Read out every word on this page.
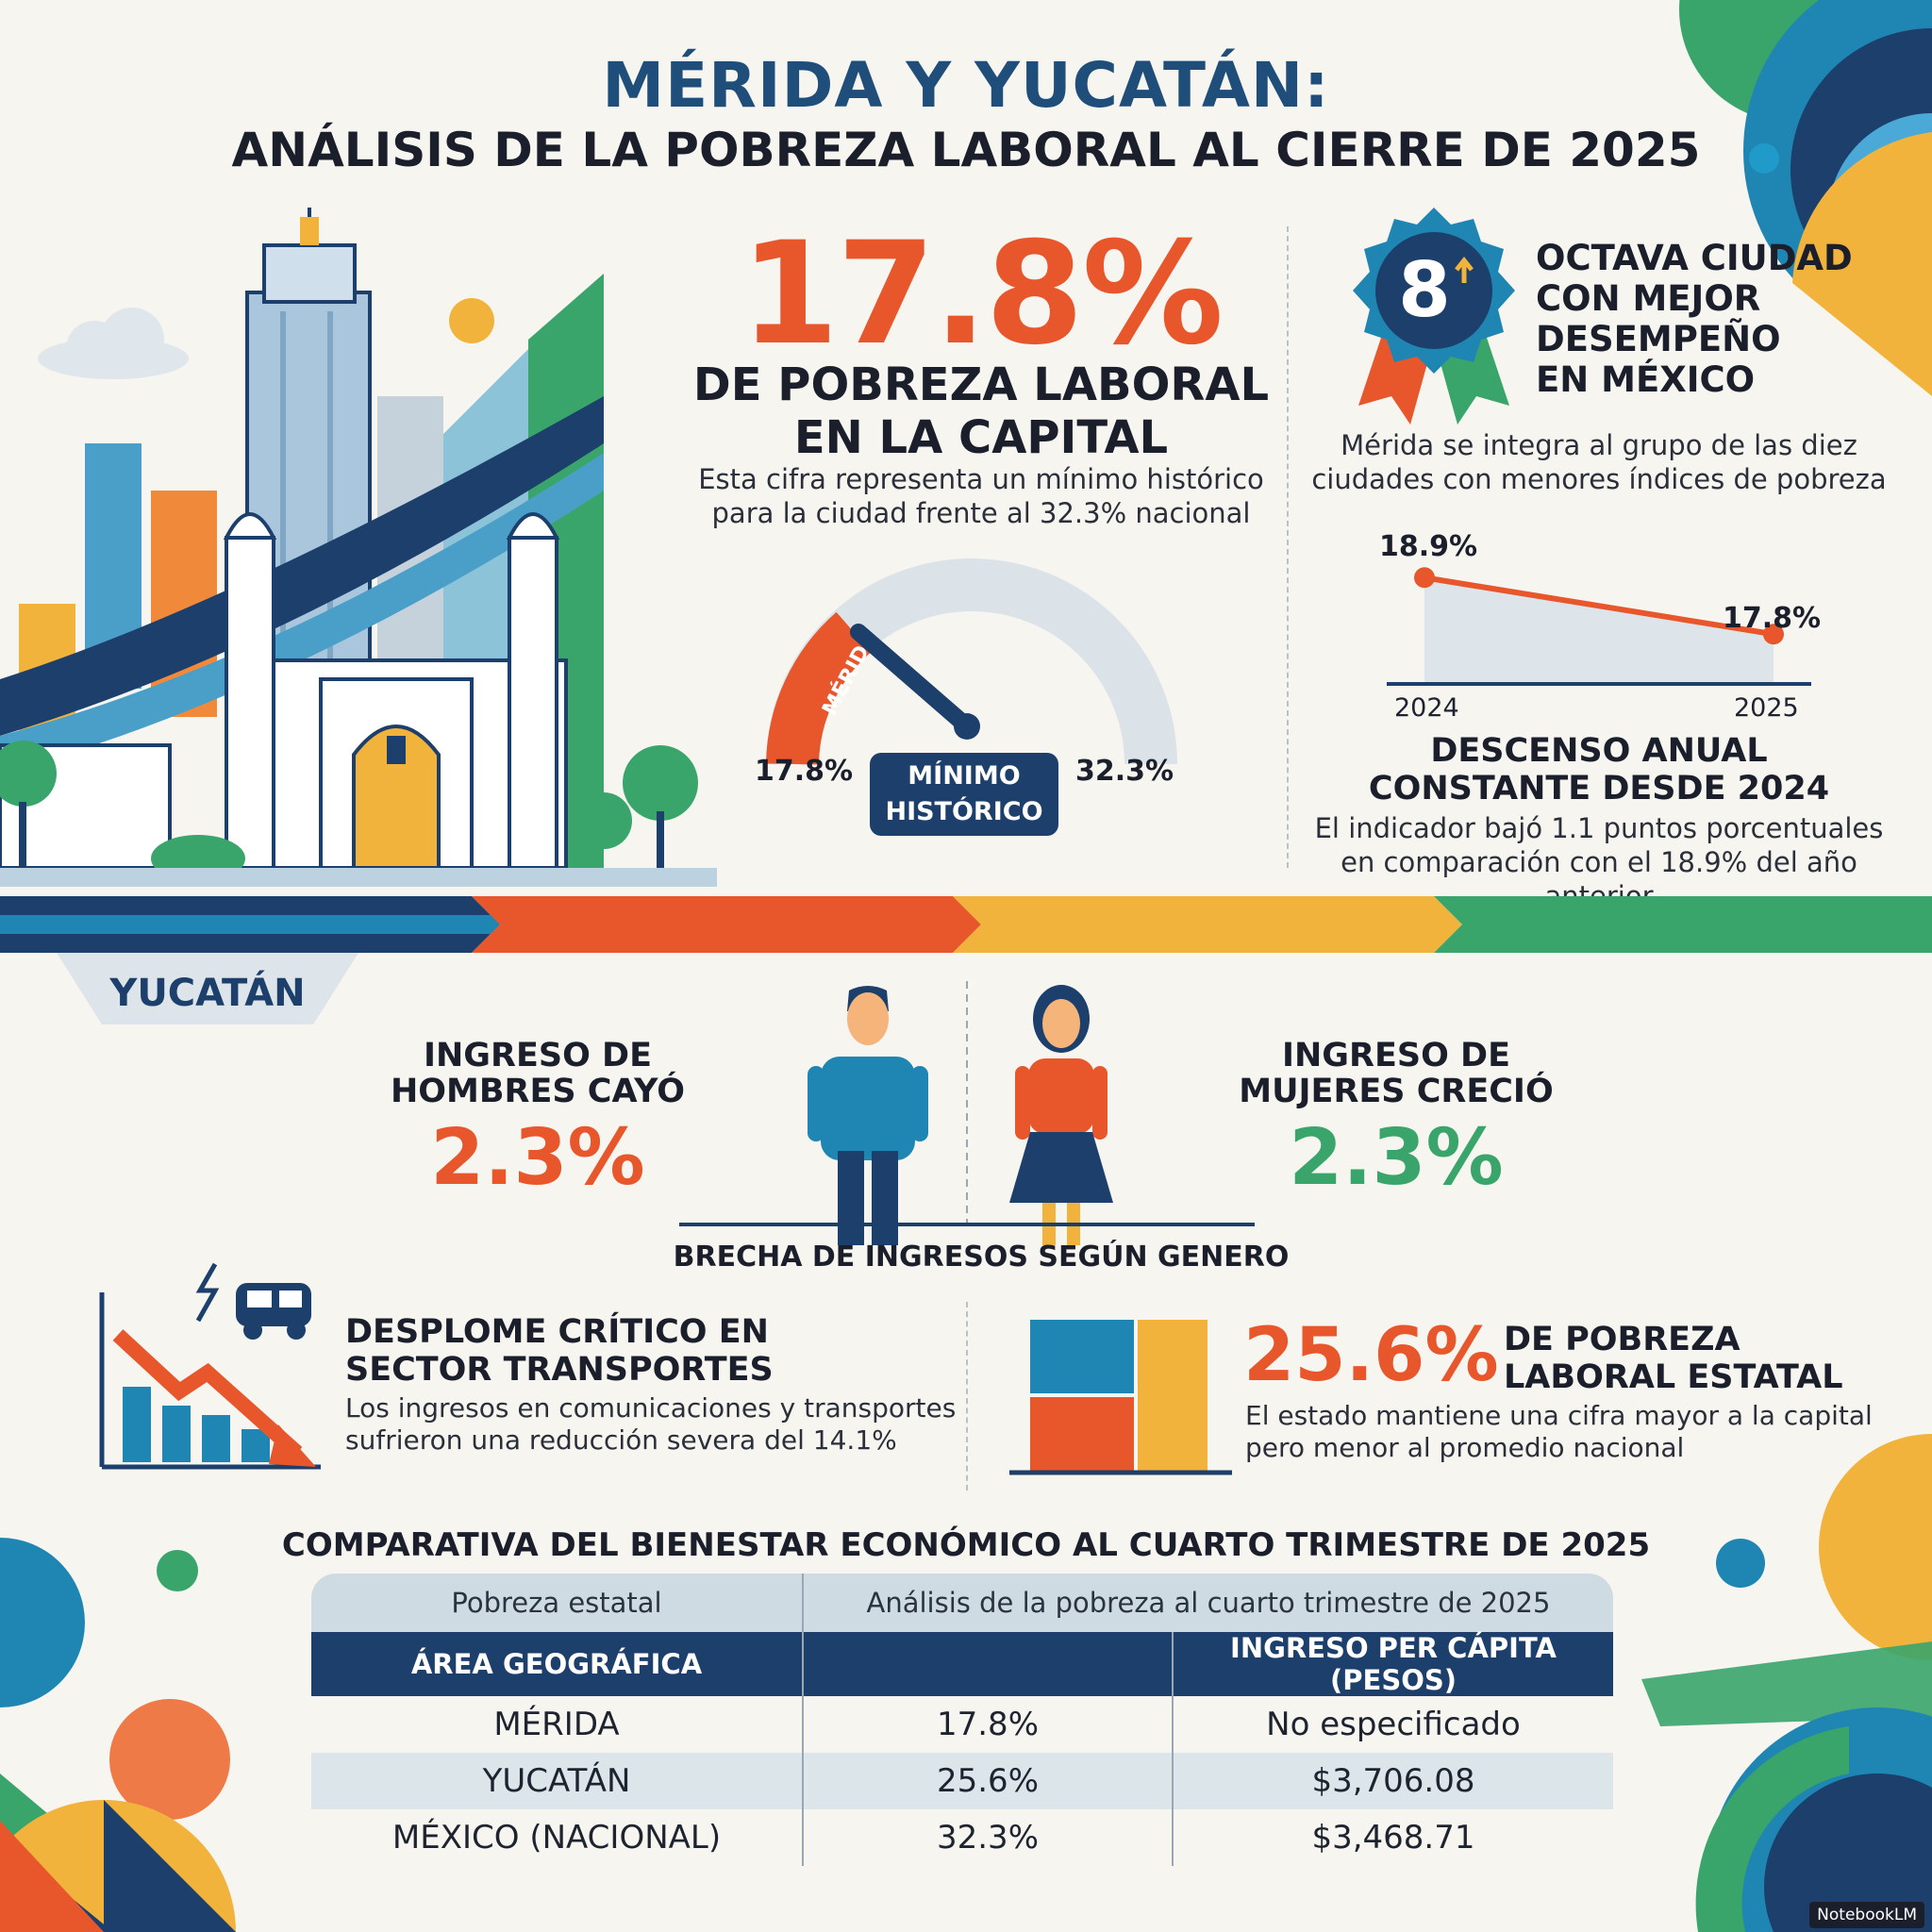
MÉRIDA Y YUCATÁN:
ANÁLISIS DE LA POBREZA LABORAL AL CIERRE DE 2025
17.8%
DE POBREZA LABORAL
EN LA CAPITAL
Esta cifra representa un mínimo histórico
para la ciudad frente al 32.3% nacional
MÉRIDA
17.8%	32.3%
MÍNIMO
HISTÓRICO
8 OCTAVA CIUDAD
CON MEJOR
DESEMPEÑO
EN MÉXICO
Mérida se integra al grupo de las diez
ciudades con menores índices de pobreza
18.9%
17.8%
2024	2025
DESCENSO ANUAL
CONSTANTE DESDE 2024
El indicador bajó 1.1 puntos porcentuales
en comparación con el 18.9% del año
YUCATÁN
INGRESO DE
HOMBRES CAYÓ
2.3%
INGRESO DE
MUJERES CRECIÓ
2.3%
BRECHA DE INGRESOS SEGÚN GENERO
DESPLOME CRÍTICO EN
SECTOR TRANSPORTES
Los ingresos en comunicaciones y transportes
sufrieron una reducción severa del 14.1%
25.6% DE POBREZA
LABORAL ESTATAL
El estado mantiene una cifra mayor a la capital
pero menor al promedio nacional
COMPARATIVA DEL BIENESTAR ECONÓMICO AL CUARTO TRIMESTRE DE 2025
Pobreza estatal	Análisis de la pobreza al cuarto trimestre de 2025	
ÁREA GEOGRÁFICA		INGRESO PER CÁPITA (PESOS)
MÉRIDA	17.8%	No especificado
YUCATÁN	25.6%	$3,706.08
MÉXICO (NACIONAL)	32.3%	$3,468.71
NotebookLM
